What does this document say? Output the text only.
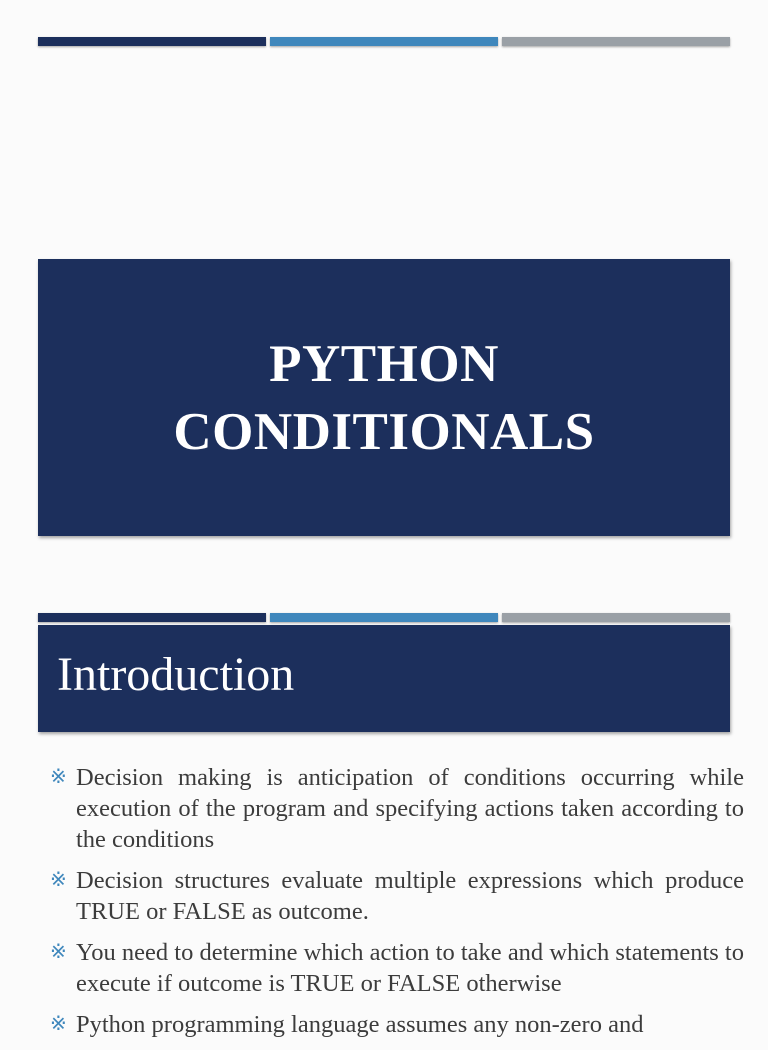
PYTHON
CONDITIONALS
Introduction
※ Decision making is anticipation of conditions occurring while execution of the program and specifying actions taken according to the conditions
※ Decision structures evaluate multiple expressions which produce TRUE or FALSE as outcome.
※ You need to determine which action to take and which statements to execute if outcome is TRUE or FALSE otherwise
※ Python programming language assumes any non-zero and
